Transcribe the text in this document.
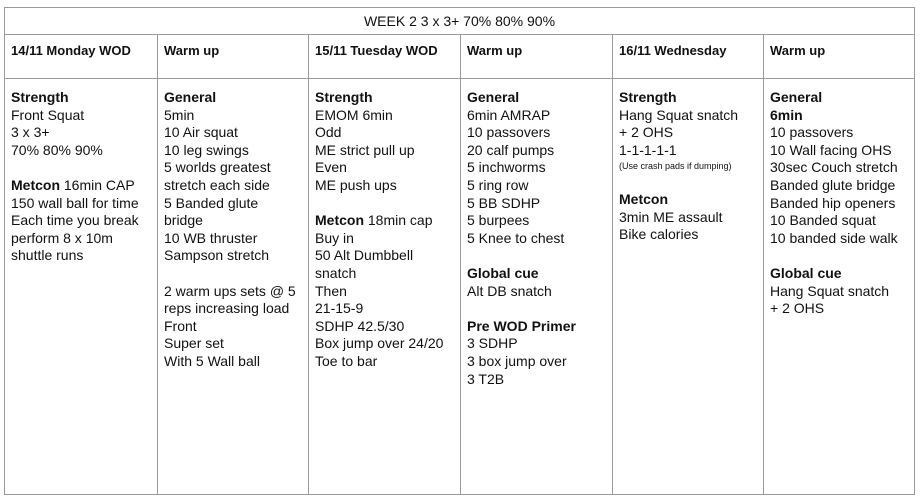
WEEK 2 3 x 3+ 70% 80% 90%
14/11 Monday WOD
Strength
Front Squat
3 x 3+
70% 80% 90%
Metcon 16min CAP
150 wall ball for time
Each time you break
perform 8 x 10m
shuttle runs
Warm up
General
5min
10 Air squat
10 leg swings
5 worlds greatest
stretch each side
5 Banded glute
bridge
10 WB thruster
Sampson stretch
2 warm ups sets @ 5
reps increasing load
Front
Super set
With 5 Wall ball
15/11 Tuesday WOD
Strength
EMOM 6min
Odd
ME strict pull up
Even
ME push ups
Metcon 18min cap
Buy in
50 Alt Dumbbell
snatch
Then
21-15-9
SDHP 42.5/30
Box jump over 24/20
Toe to bar
Warm up
General
6min AMRAP
10 passovers
20 calf pumps
5 inchworms
5 ring row
5 BB SDHP
5 burpees
5 Knee to chest
Global cue
Alt DB snatch
Pre WOD Primer
3 SDHP
3 box jump over
3 T2B
16/11 Wednesday
Strength
Hang Squat snatch
+ 2 OHS
1-1-1-1-1
(Use crash pads if dumping)
Metcon
3min ME assault
Bike calories
Warm up
General
6min
10 passovers
10 Wall facing OHS
30sec Couch stretch
Banded glute bridge
Banded hip openers
10 Banded squat
10 banded side walk
Global cue
Hang Squat snatch
+ 2 OHS
